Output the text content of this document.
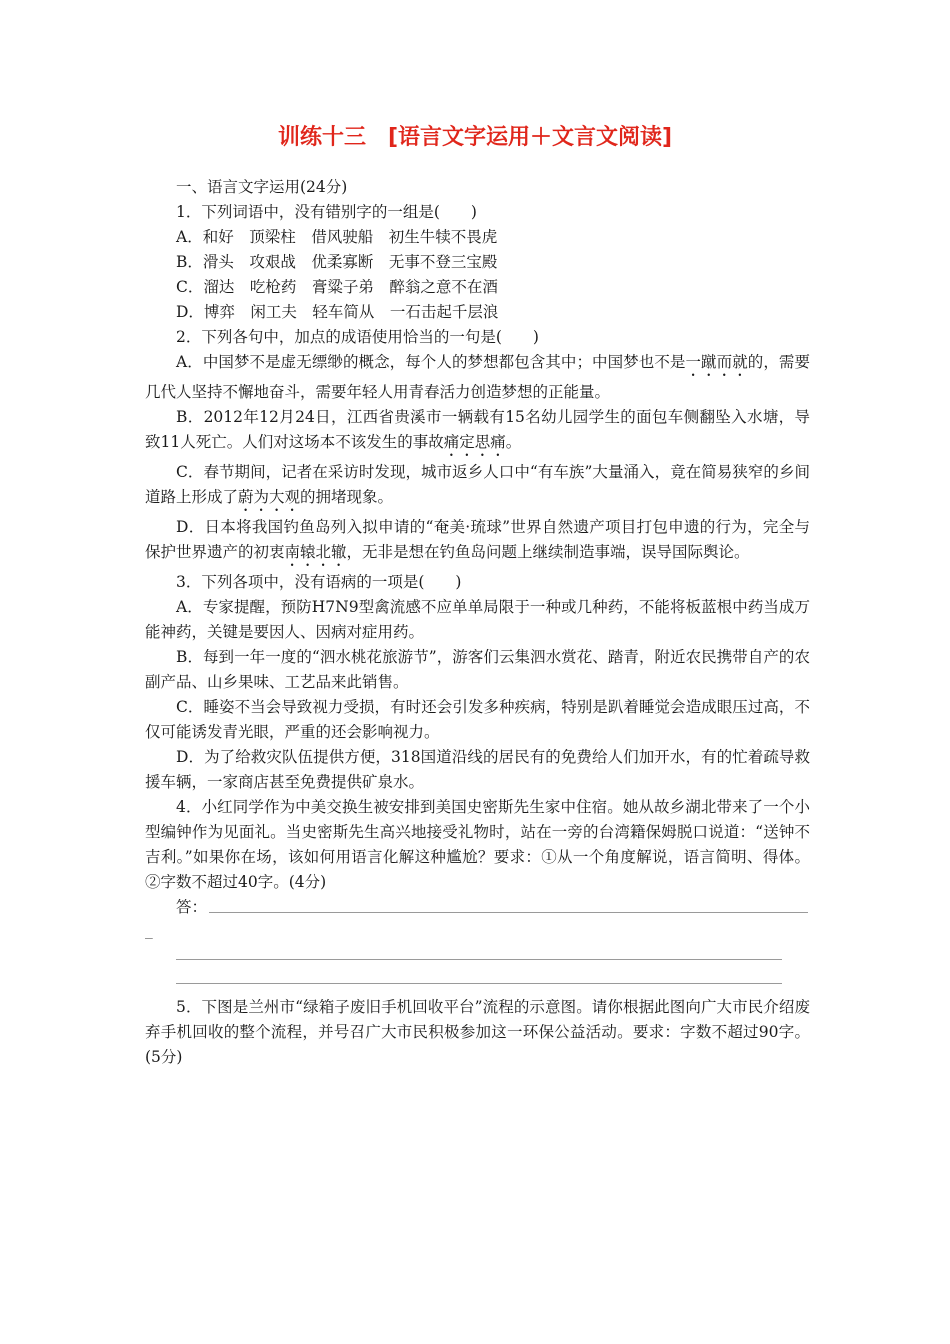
训练十三　[语言文字运用＋文言文阅读]

一、语言文字运用(24分)

1．下列词语中，没有错别字的一组是(　　)

A．和好　顶梁柱　借风驶船　初生牛犊不畏虎

B．滑头　攻艰战　优柔寡断　无事不登三宝殿

C．溜达　吃枪药　膏粱子弟　醉翁之意不在酒

D．博弈　闲工夫　轻车简从　一石击起千层浪

2．下列各句中，加点的成语使用恰当的一句是(　　)

A．中国梦不是虚无缥缈的概念，每个人的梦想都包含其中；中国梦也不是一蹴而就的，需要几代人坚持不懈地奋斗，需要年轻人用青春活力创造梦想的正能量。

B．2012年12月24日，江西省贵溪市一辆载有15名幼儿园学生的面包车侧翻坠入水塘，导致11人死亡。人们对这场本不该发生的事故痛定思痛。

C．春节期间，记者在采访时发现，城市返乡人口中“有车族”大量涌入，竟在简易狭窄的乡间道路上形成了蔚为大观的拥堵现象。

D．日本将我国钓鱼岛列入拟申请的“奄美·琉球”世界自然遗产项目打包申遗的行为，完全与保护世界遗产的初衷南辕北辙，无非是想在钓鱼岛问题上继续制造事端，误导国际舆论。

3．下列各项中，没有语病的一项是(　　)

A．专家提醒，预防H7N9型禽流感不应单单局限于一种或几种药，不能将板蓝根中药当成万能神药，关键是要因人、因病对症用药。

B．每到一年一度的“泗水桃花旅游节”，游客们云集泗水赏花、踏青，附近农民携带自产的农副产品、山乡果味、工艺品来此销售。

C．睡姿不当会导致视力受损，有时还会引发多种疾病，特别是趴着睡觉会造成眼压过高，不仅可能诱发青光眼，严重的还会影响视力。

D．为了给救灾队伍提供方便，318国道沿线的居民有的免费给人们加开水，有的忙着疏导救援车辆，一家商店甚至免费提供矿泉水。

4．小红同学作为中美交换生被安排到美国史密斯先生家中住宿。她从故乡湖北带来了一个小型编钟作为见面礼。当史密斯先生高兴地接受礼物时，站在一旁的台湾籍保姆脱口说道：“送钟不吉利。”如果你在场，该如何用语言化解这种尴尬？要求：①从一个角度解说，语言简明、得体。②字数不超过40字。(4分)

答：
_

5．下图是兰州市“绿箱子废旧手机回收平台”流程的示意图。请你根据此图向广大市民介绍废弃手机回收的整个流程，并号召广大市民积极参加这一环保公益活动。要求：字数不超过90字。(5分)
